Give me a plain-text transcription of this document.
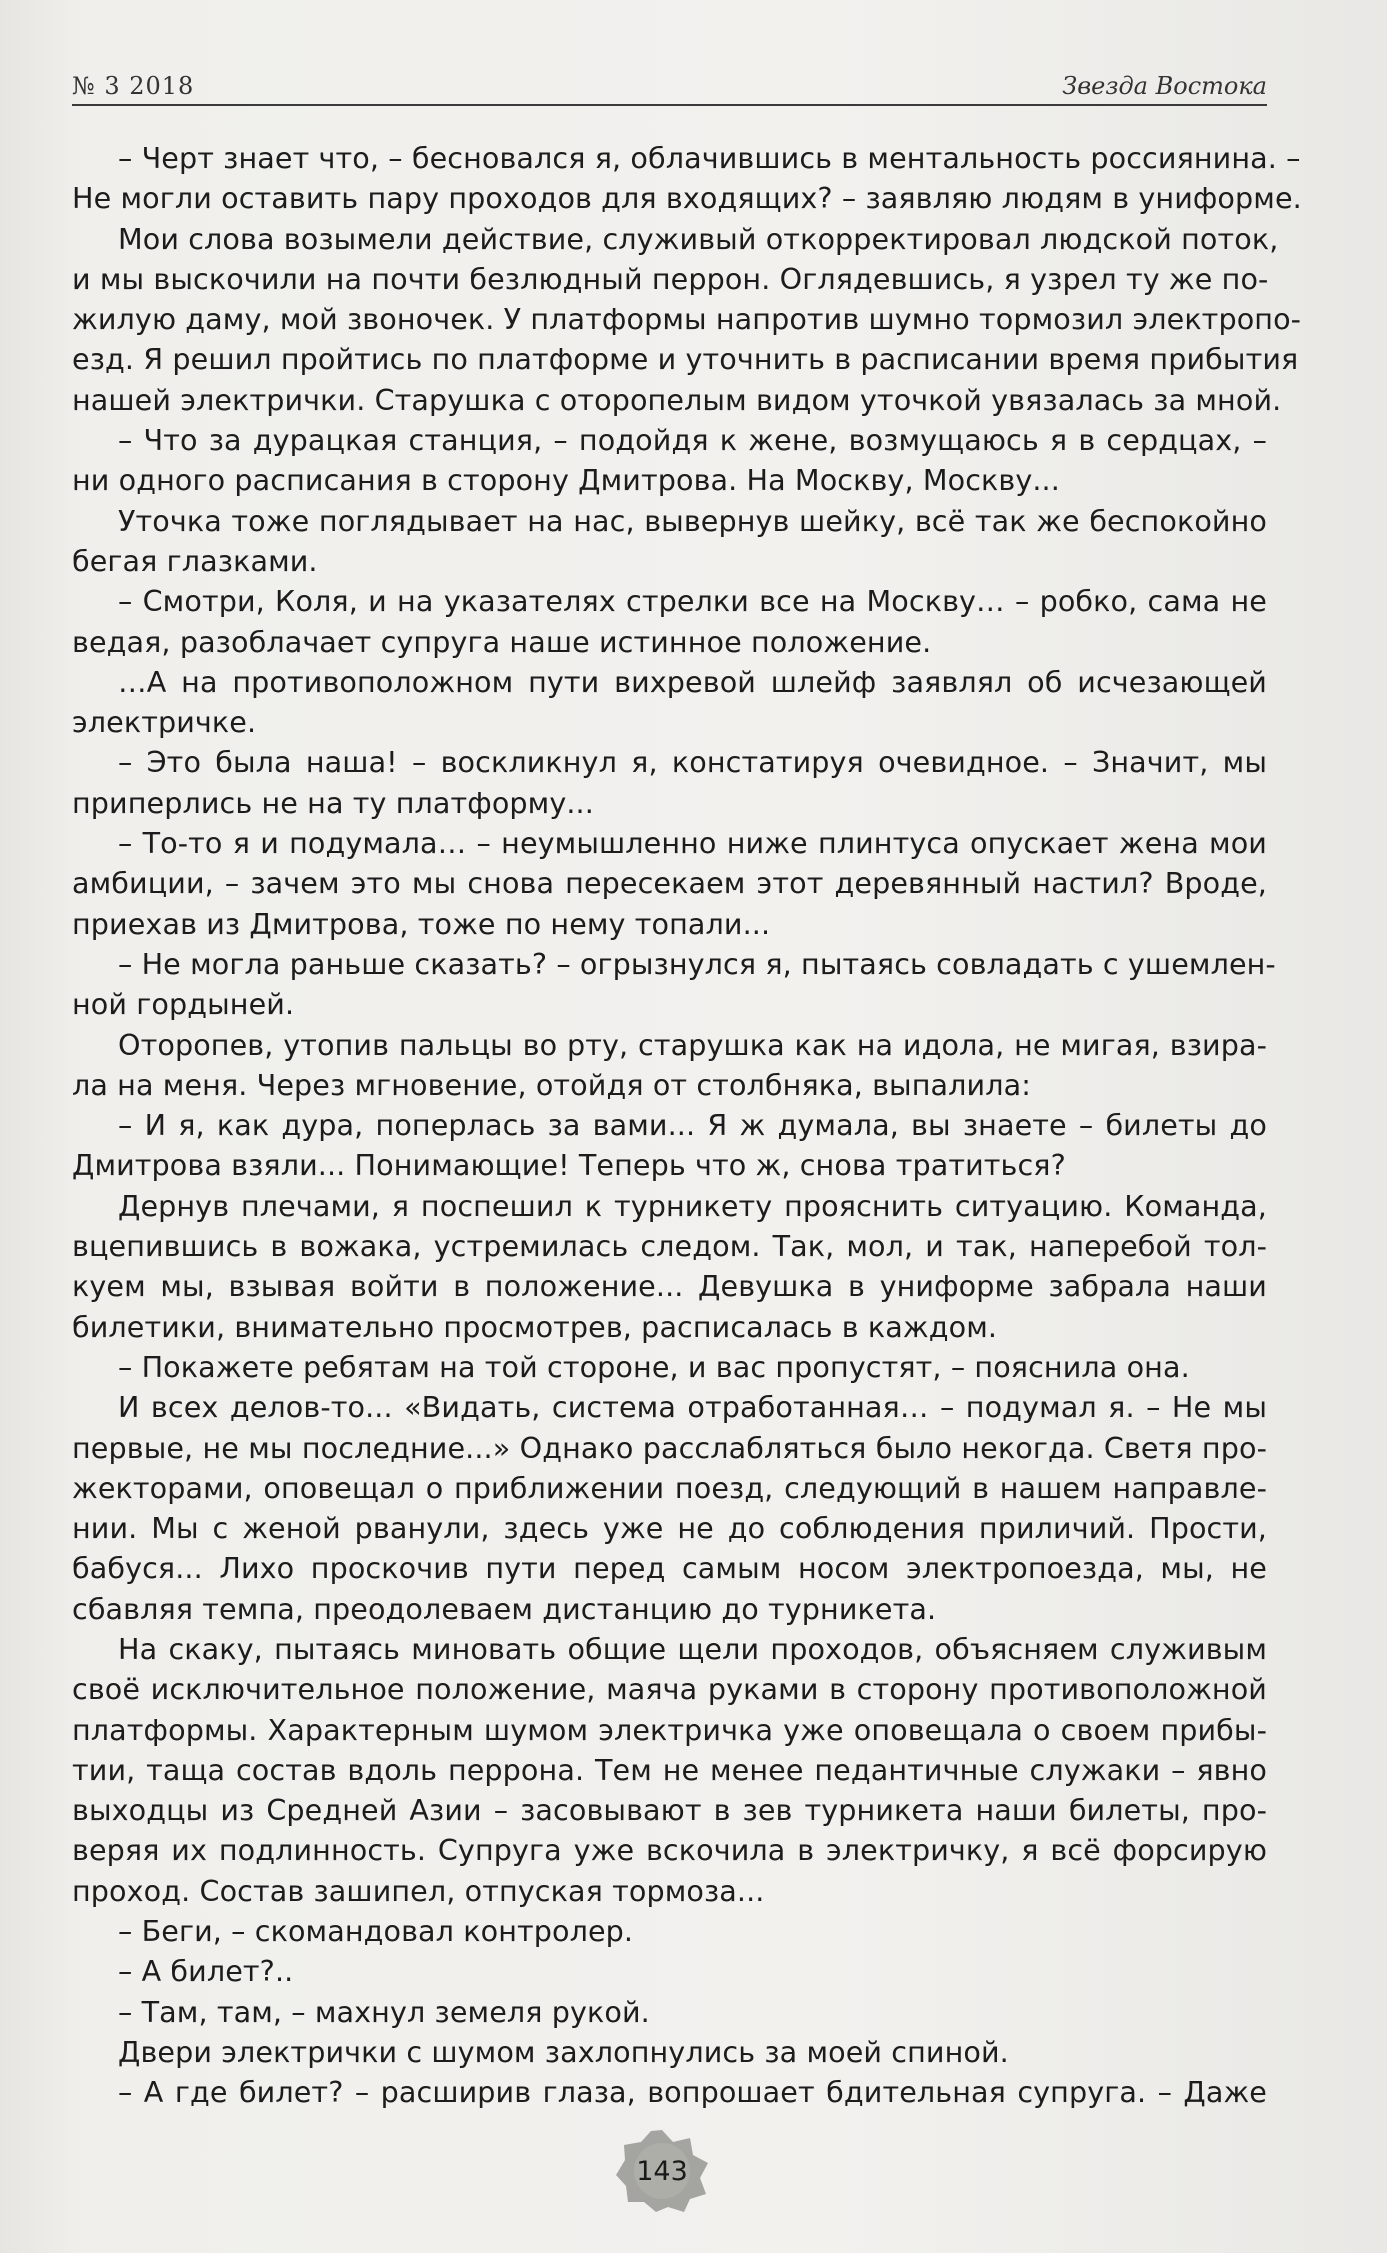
№ 3 2018	Звезда Востока
– Черт знает что, – бесновался я, облачившись в ментальность россиянина. –
Не могли оставить пару проходов для входящих? – заявляю людям в униформе.
Мои слова возымели действие, служивый откорректировал людской поток,
и мы выскочили на почти безлюдный перрон. Оглядевшись, я узрел ту же по-
жилую даму, мой звоночек. У платформы напротив шумно тормозил электропо-
езд. Я решил пройтись по платформе и уточнить в расписании время прибытия
нашей электрички. Старушка с оторопелым видом уточкой увязалась за мной.
– Что за дурацкая станция, – подойдя к жене, возмущаюсь я в сердцах, –
ни одного расписания в сторону Дмитрова. На Москву, Москву...
Уточка тоже поглядывает на нас, вывернув шейку, всё так же беспокойно
бегая глазками.
– Смотри, Коля, и на указателях стрелки все на Москву… – робко, сама не
ведая, разоблачает супруга наше истинное положение.
…А на противоположном пути вихревой шлейф заявлял об исчезающей
электричке.
– Это была наша! – воскликнул я, констатируя очевидное. – Значит, мы
приперлись не на ту платформу...
– То-то я и подумала… – неумышленно ниже плинтуса опускает жена мои
амбиции, – зачем это мы снова пересекаем этот деревянный настил? Вроде,
приехав из Дмитрова, тоже по нему топали...
– Не могла раньше сказать? – огрызнулся я, пытаясь совладать с ушемлен-
ной гордыней.
Оторопев, утопив пальцы во рту, старушка как на идола, не мигая, взира-
ла на меня. Через мгновение, отойдя от столбняка, выпалила:
– И я, как дура, поперлась за вами... Я ж думала, вы знаете – билеты до
Дмитрова взяли... Понимающие! Теперь что ж, снова тратиться?
Дернув плечами, я поспешил к турникету прояснить ситуацию. Команда,
вцепившись в вожака, устремилась следом. Так, мол, и так, наперебой тол-
куем мы, взывая войти в положение... Девушка в униформе забрала наши
билетики, внимательно просмотрев, расписалась в каждом.
– Покажете ребятам на той стороне, и вас пропустят, – пояснила она.
И всех делов-то... «Видать, система отработанная… – подумал я. – Не мы
первые, не мы последние...» Однако расслабляться было некогда. Светя про-
жекторами, оповещал о приближении поезд, следующий в нашем направле-
нии. Мы с женой рванули, здесь уже не до соблюдения приличий. Прости,
бабуся... Лихо проскочив пути перед самым носом электропоезда, мы, не
сбавляя темпа, преодолеваем дистанцию до турникета.
На скаку, пытаясь миновать общие щели проходов, объясняем служивым
своё исключительное положение, маяча руками в сторону противоположной
платформы. Характерным шумом электричка уже оповещала о своем прибы-
тии, таща состав вдоль перрона. Тем не менее педантичные служаки – явно
выходцы из Средней Азии – засовывают в зев турникета наши билеты, про-
веряя их подлинность. Супруга уже вскочила в электричку, я всё форсирую
проход. Состав зашипел, отпуская тормоза...
– Беги, – скомандовал контролер.
– А билет?..
– Там, там, – махнул земеля рукой.
Двери электрички с шумом захлопнулись за моей спиной.
– А где билет? – расширив глаза, вопрошает бдительная супруга. – Даже
143
